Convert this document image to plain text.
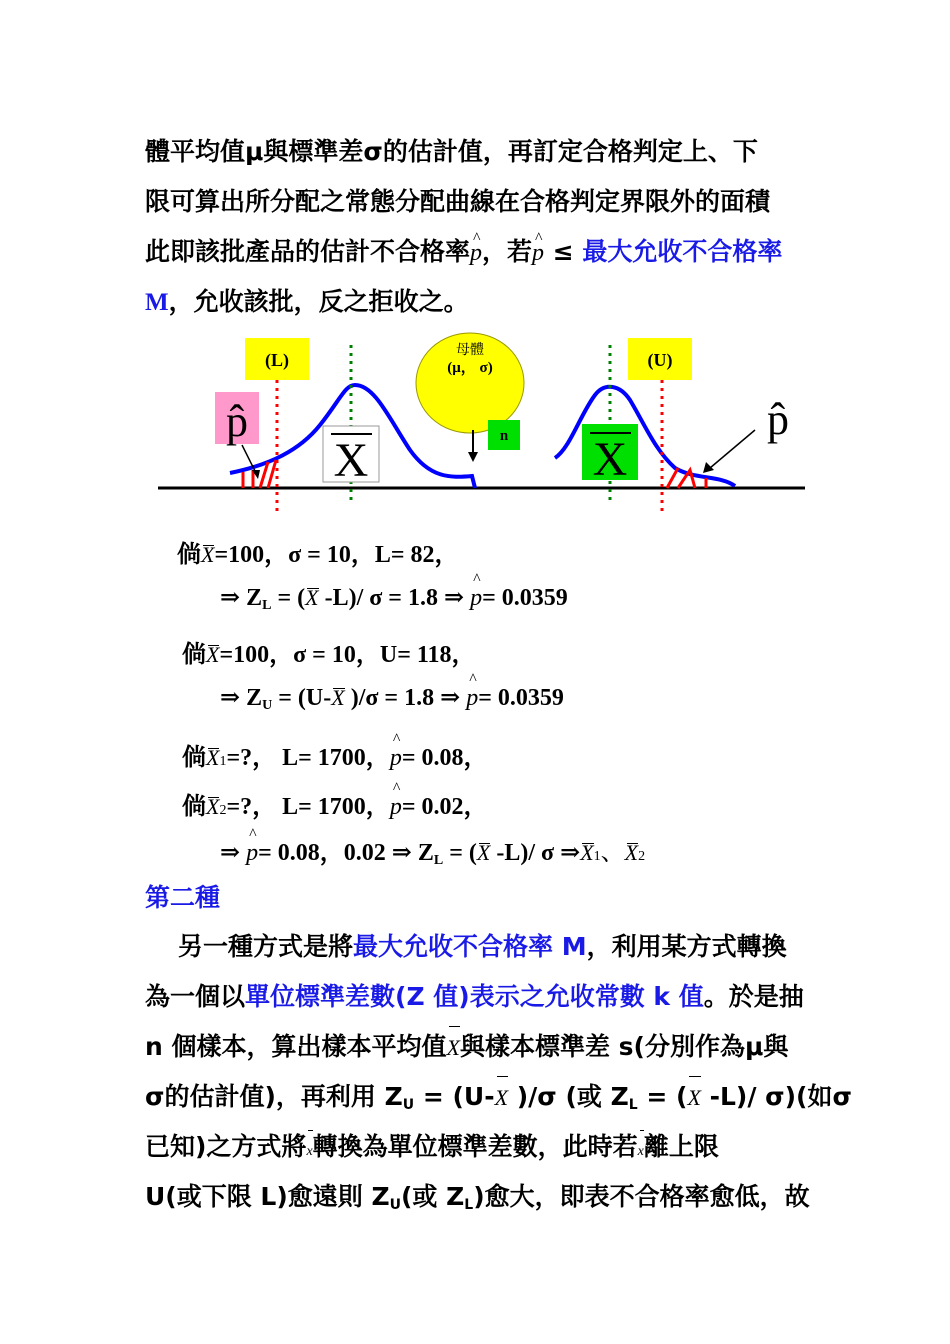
體平均值μ與標準差σ的估計值，再訂定合格判定上、下
限可算出所分配之常態分配曲線在合格判定界限外的面積
此即該批產品的估計不合格率^ p，若^ p ≤ 最大允收不合格率
M，允收該批，反之拒收之。
(L)	(U)
母體
(μ， σ)
n
X	X
p̂	p̂
倘X=100，σ = 10，L= 82，
⇒ $Z_L = (X$ -L)/ σ = 1.8 ⇒ ^ p= 0.0359
倘X=100，σ = 10，U= 118，
⇒ $Z_U = (U-X$ )/σ = 1.8 ⇒ ^ p= 0.0359
倘X1=?， L= 1700，^ p= 0.08，
倘X2=?， L= 1700，^ p= 0.02，
⇒ ^ p= 0.08，0.02 ⇒ $Z_L = (X$ -L)/ σ ⇒X1、X2
第二種
另一種方式是將最大允收不合格率 M，利用某方式轉換
為一個以單位標準差數(Z 值)表示之允收常數 k 值。於是抽
n 個樣本，算出樣本平均值X與樣本標準差 s(分別作為μ與
σ的估計值)，再利用 $Z_U = (U-X$ )/σ (或 $Z_L = (X$ -L)/ σ)(如σ
已知)之方式將x轉換為單位標準差數，此時若x離上限
U(或下限 L)愈遠則 $Z_U$(或 $Z_L$)愈大，即表不合格率愈低，故
